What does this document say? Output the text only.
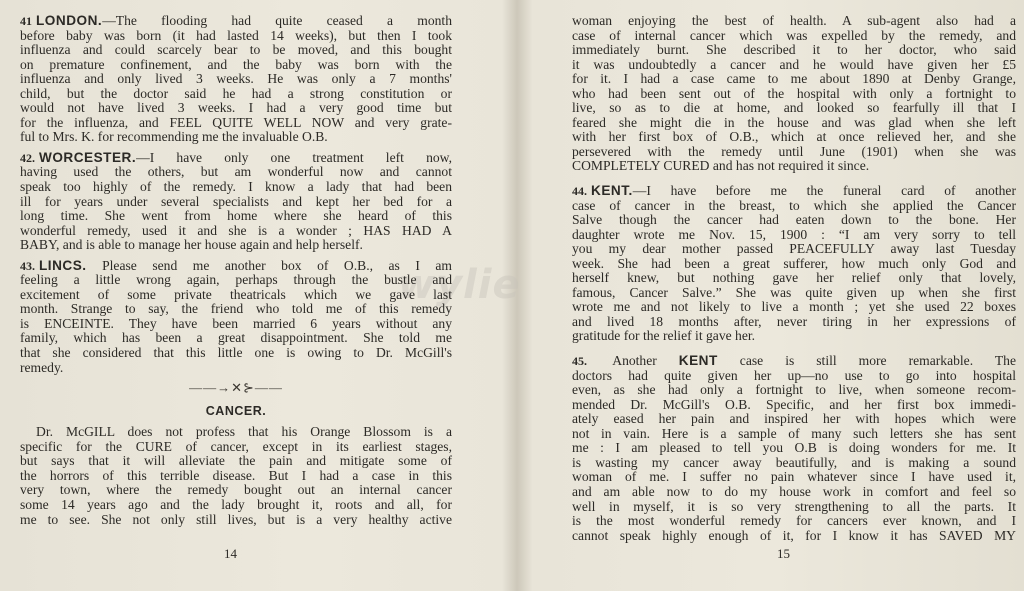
wylie
41 LONDON.—The flooding had quite ceased a month
before baby was born (it had lasted 14 weeks), but then I took
influenza and could scarcely bear to be moved, and this bought
on premature confinement, and the baby was born with the
influenza and only lived 3 weeks. He was only a 7 months'
child, but the doctor said he had a strong constitution or
would not have lived 3 weeks. I had a very good time but
for the influenza, and FEEL QUITE WELL NOW and very grate-
ful to Mrs. K. for recommending me the invaluable O.B.
42. WORCESTER.—I have only one treatment left now,
having used the others, but am wonderful now and cannot
speak too highly of the remedy. I know a lady that had been
ill for years under several specialists and kept her bed for a
long time. She went from home where she heard of this
wonderful remedy, used it and she is a wonder ; HAS HAD A
BABY, and is able to manage her house again and help herself.
43. LINCS. Please send me another box of O.B., as I am
feeling a little wrong again, perhaps through the bustle and
excitement of some private theatricals which we gave last
month. Strange to say, the friend who told me of this remedy
is ENCEINTE. They have been married 6 years without any
family, which has been a great disappointment. She told me
that she considered that this little one is owing to Dr. McGill's
remedy.
——→✕⊱——
CANCER.
Dr. McGILL does not profess that his Orange Blossom is a
specific for the CURE of cancer, except in its earliest stages,
but says that it will alleviate the pain and mitigate some of
the horrors of this terrible disease. But I had a case in this
very town, where the remedy bought out an internal cancer
some 14 years ago and the lady brought it, roots and all, for
me to see. She not only still lives, but is a very healthy active
14
woman enjoying the best of health. A sub-agent also had a
case of internal cancer which was expelled by the remedy, and
immediately burnt. She described it to her doctor, who said
it was undoubtedly a cancer and he would have given her £5
for it. I had a case came to me about 1890 at Denby Grange,
who had been sent out of the hospital with only a fortnight to
live, so as to die at home, and looked so fearfully ill that I
feared she might die in the house and was glad when she left
with her first box of O.B., which at once relieved her, and she
persevered with the remedy until June (1901) when she was
COMPLETELY CURED and has not required it since.
44. KENT.—I have before me the funeral card of another
case of cancer in the breast, to which she applied the Cancer
Salve though the cancer had eaten down to the bone. Her
daughter wrote me Nov. 15, 1900 : “I am very sorry to tell
you my dear mother passed PEACEFULLY away last Tuesday
week. She had been a great sufferer, how much only God and
herself knew, but nothing gave her relief only that lovely,
famous, Cancer Salve.” She was quite given up when she first
wrote me and not likely to live a month ; yet she used 22 boxes
and lived 18 months after, never tiring in her expressions of
gratitude for the relief it gave her.
45. Another KENT case is still more remarkable. The
doctors had quite given her up—no use to go into hospital
even, as she had only a fortnight to live, when someone recom-
mended Dr. McGill's O.B. Specific, and her first box immedi-
ately eased her pain and inspired her with hopes which were
not in vain. Here is a sample of many such letters she has sent
me : I am pleased to tell you O.B is doing wonders for me. It
is wasting my cancer away beautifully, and is making a sound
woman of me. I suffer no pain whatever since I have used it,
and am able now to do my house work in comfort and feel so
well in myself, it is so very strengthening to all the parts. It
is the most wonderful remedy for cancers ever known, and I
cannot speak highly enough of it, for I know it has SAVED MY
15
